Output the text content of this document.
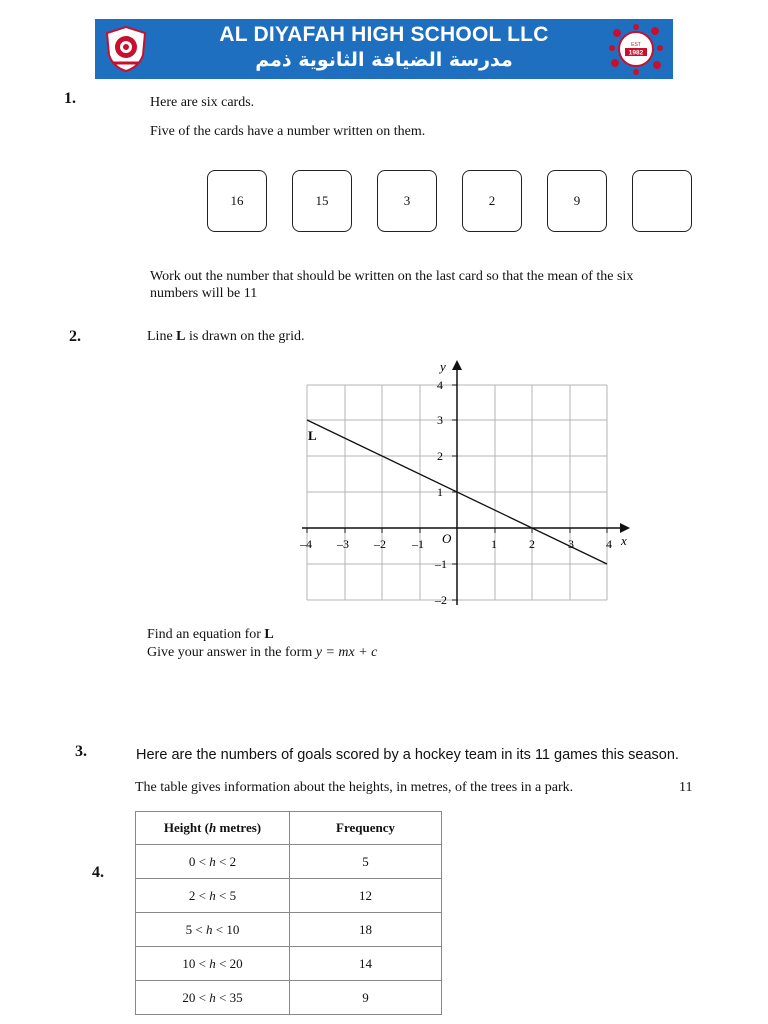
AL DIYAFAH HIGH SCHOOL LLC
مدرسة الضيافة الثانوية ذمم
EST
1982
1.	Here are six cards.
Five of the cards have a number written on them.
16	15	3	2	9
Work out the number that should be written on the last card so that the mean of the six
numbers will be 11
2.	Line L is drawn on the grid.
L
x
y
O
–4 –3 –2 –1	1	2	3	4
4
3
2
1
–1
–2
Find an equation for L
Give your answer in the form y = mx + c
3.	Here are the numbers of goals scored by a hockey team in its 11 games this season.
The table gives information about the heights, in metres, of the trees in a park.	11
4.
Height (h metres)	Frequency
0 < h < 2	5
2 < h < 5	12
5 < h < 10	18
10 < h < 20	14
20 < h < 35	9
